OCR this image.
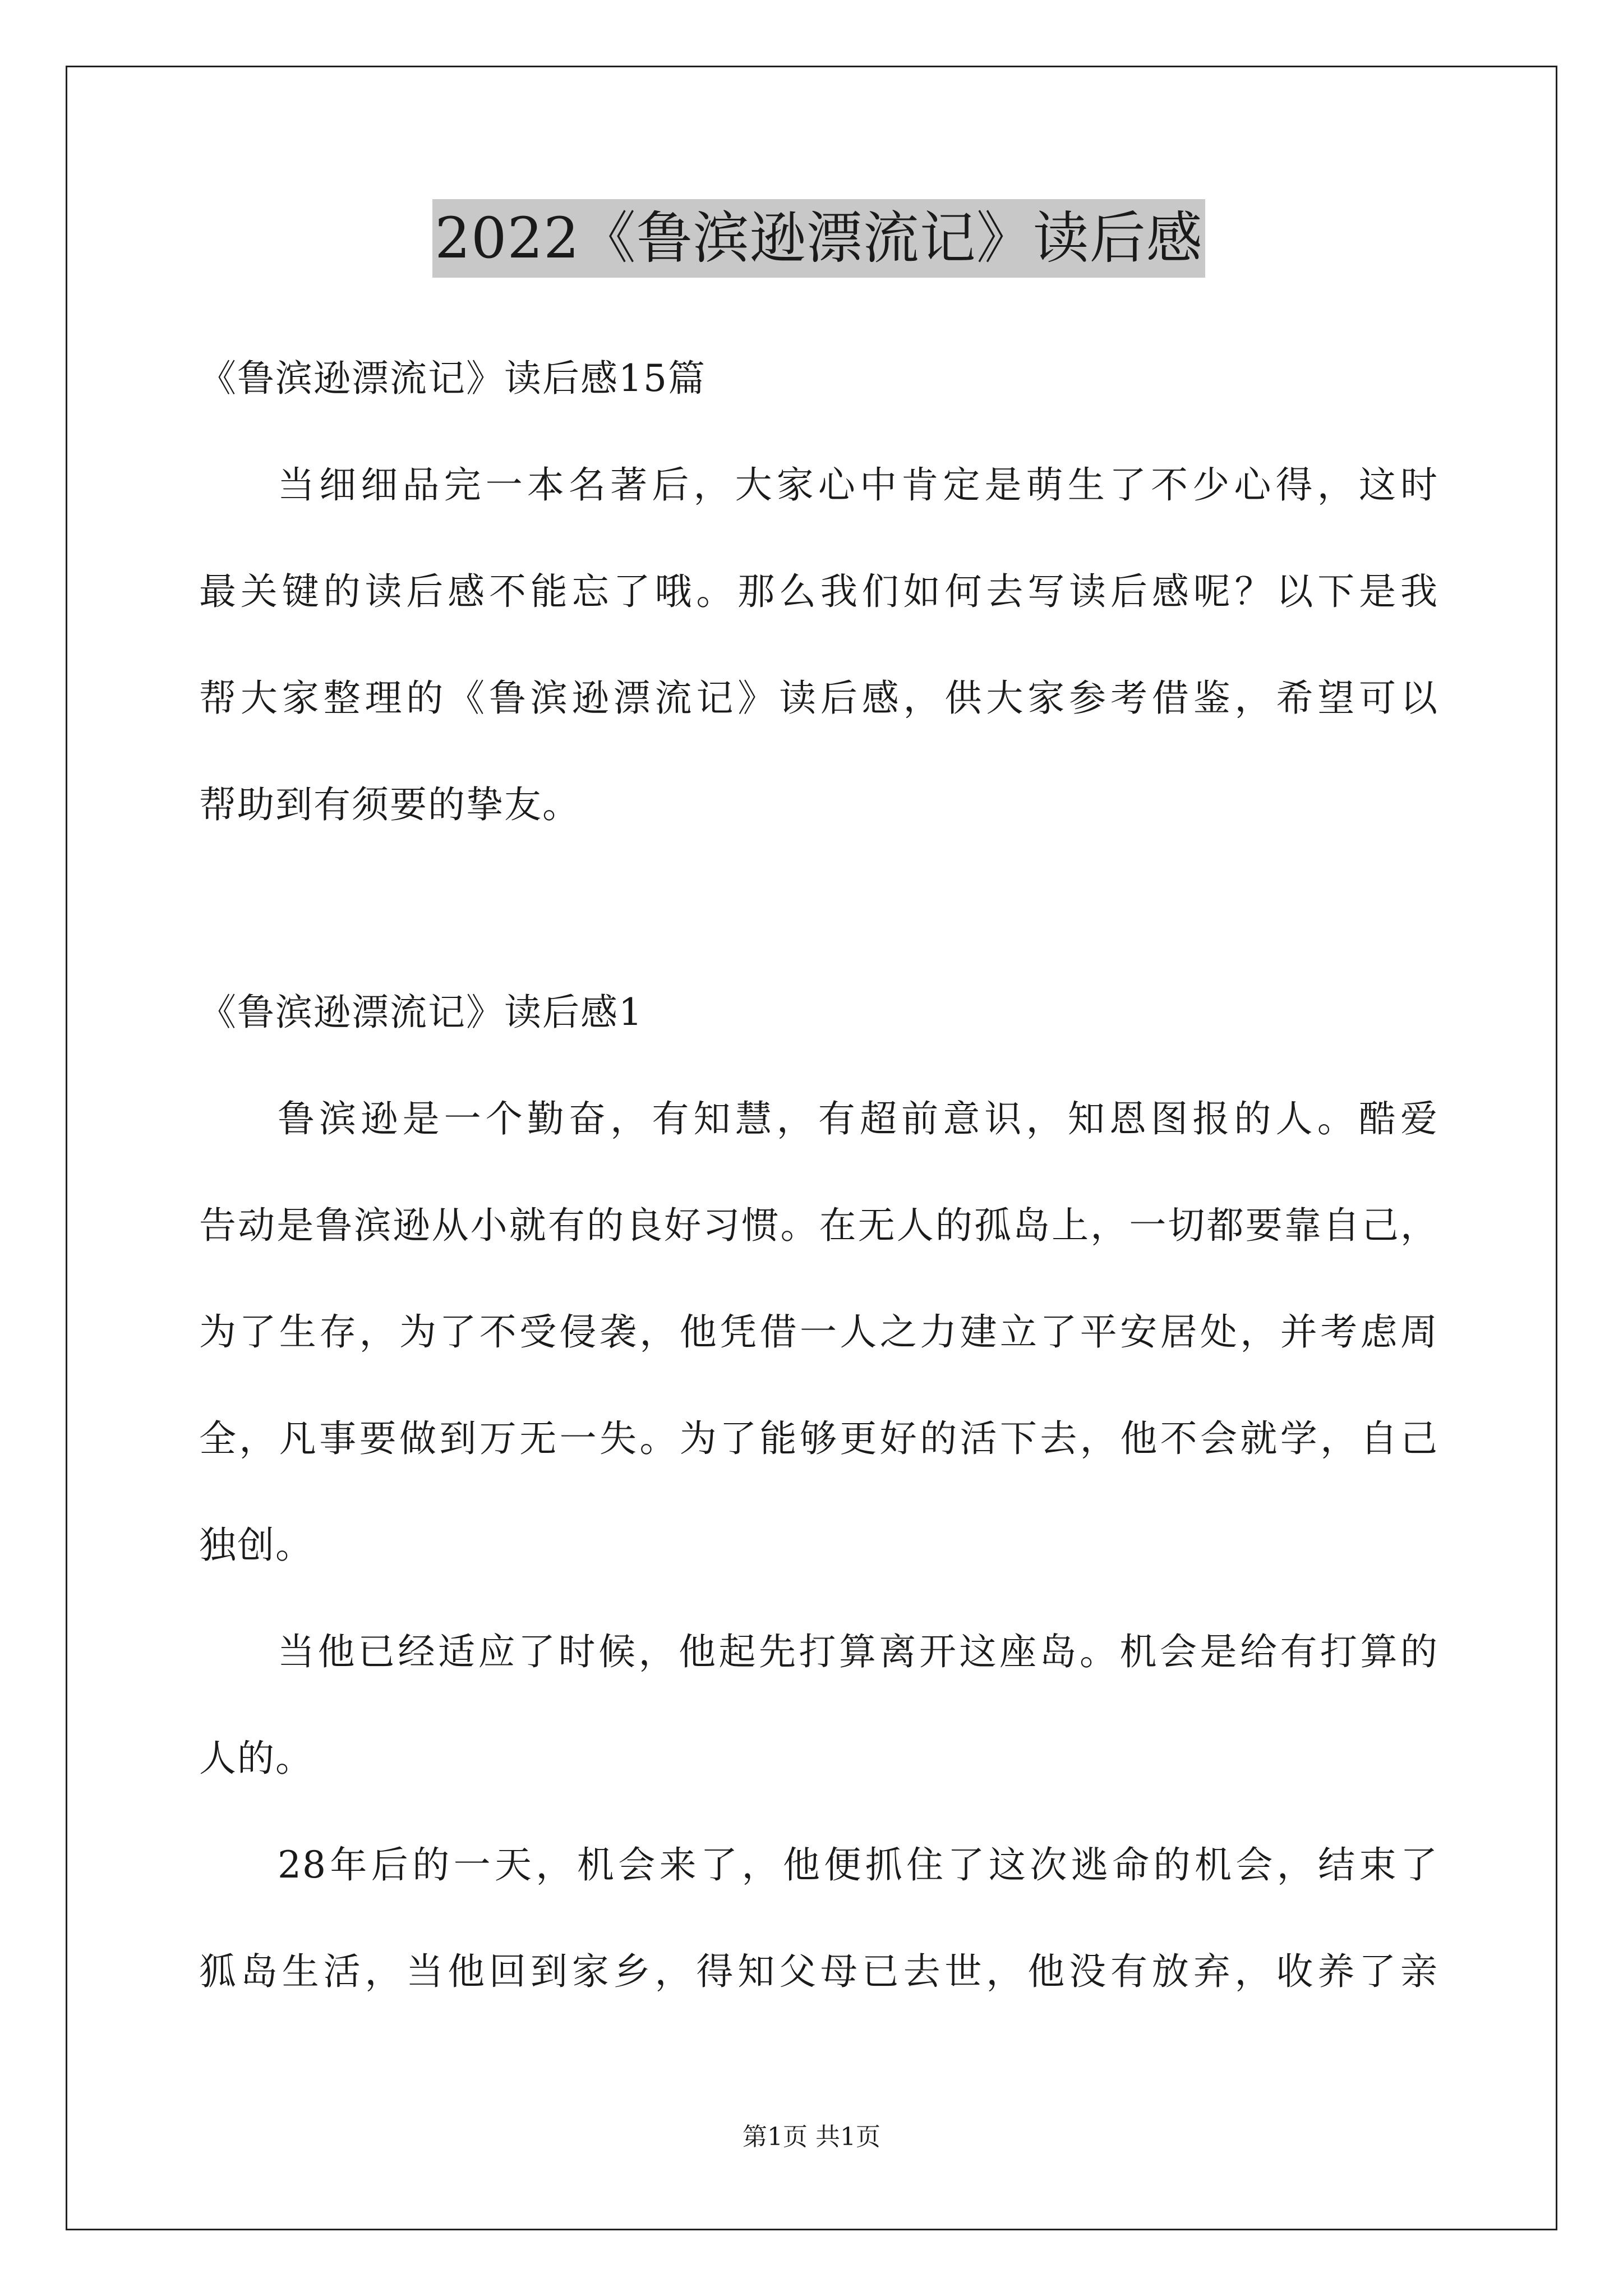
2022《鲁滨逊漂流记》读后感
《鲁滨逊漂流记》读后感15篇
当细细品完一本名著后，大家心中肯定是萌生了不少心得，这时
最关键的读后感不能忘了哦。那么我们如何去写读后感呢？以下是我
帮大家整理的《鲁滨逊漂流记》读后感，供大家参考借鉴，希望可以
帮助到有须要的挚友。
《鲁滨逊漂流记》读后感1
鲁滨逊是一个勤奋，有知慧，有超前意识，知恩图报的人。酷爱
告动是鲁滨逊从小就有的良好习惯。在无人的孤岛上，一切都要靠自己，
为了生存，为了不受侵袭，他凭借一人之力建立了平安居处，并考虑周
全，凡事要做到万无一失。为了能够更好的活下去，他不会就学，自己
独创。
当他已经适应了时候，他起先打算离开这座岛。机会是给有打算的
人的。
28年后的一天，机会来了，他便抓住了这次逃命的机会，结束了
狐岛生活，当他回到家乡，得知父母已去世，他没有放弃，收养了亲
第1页 共1页
